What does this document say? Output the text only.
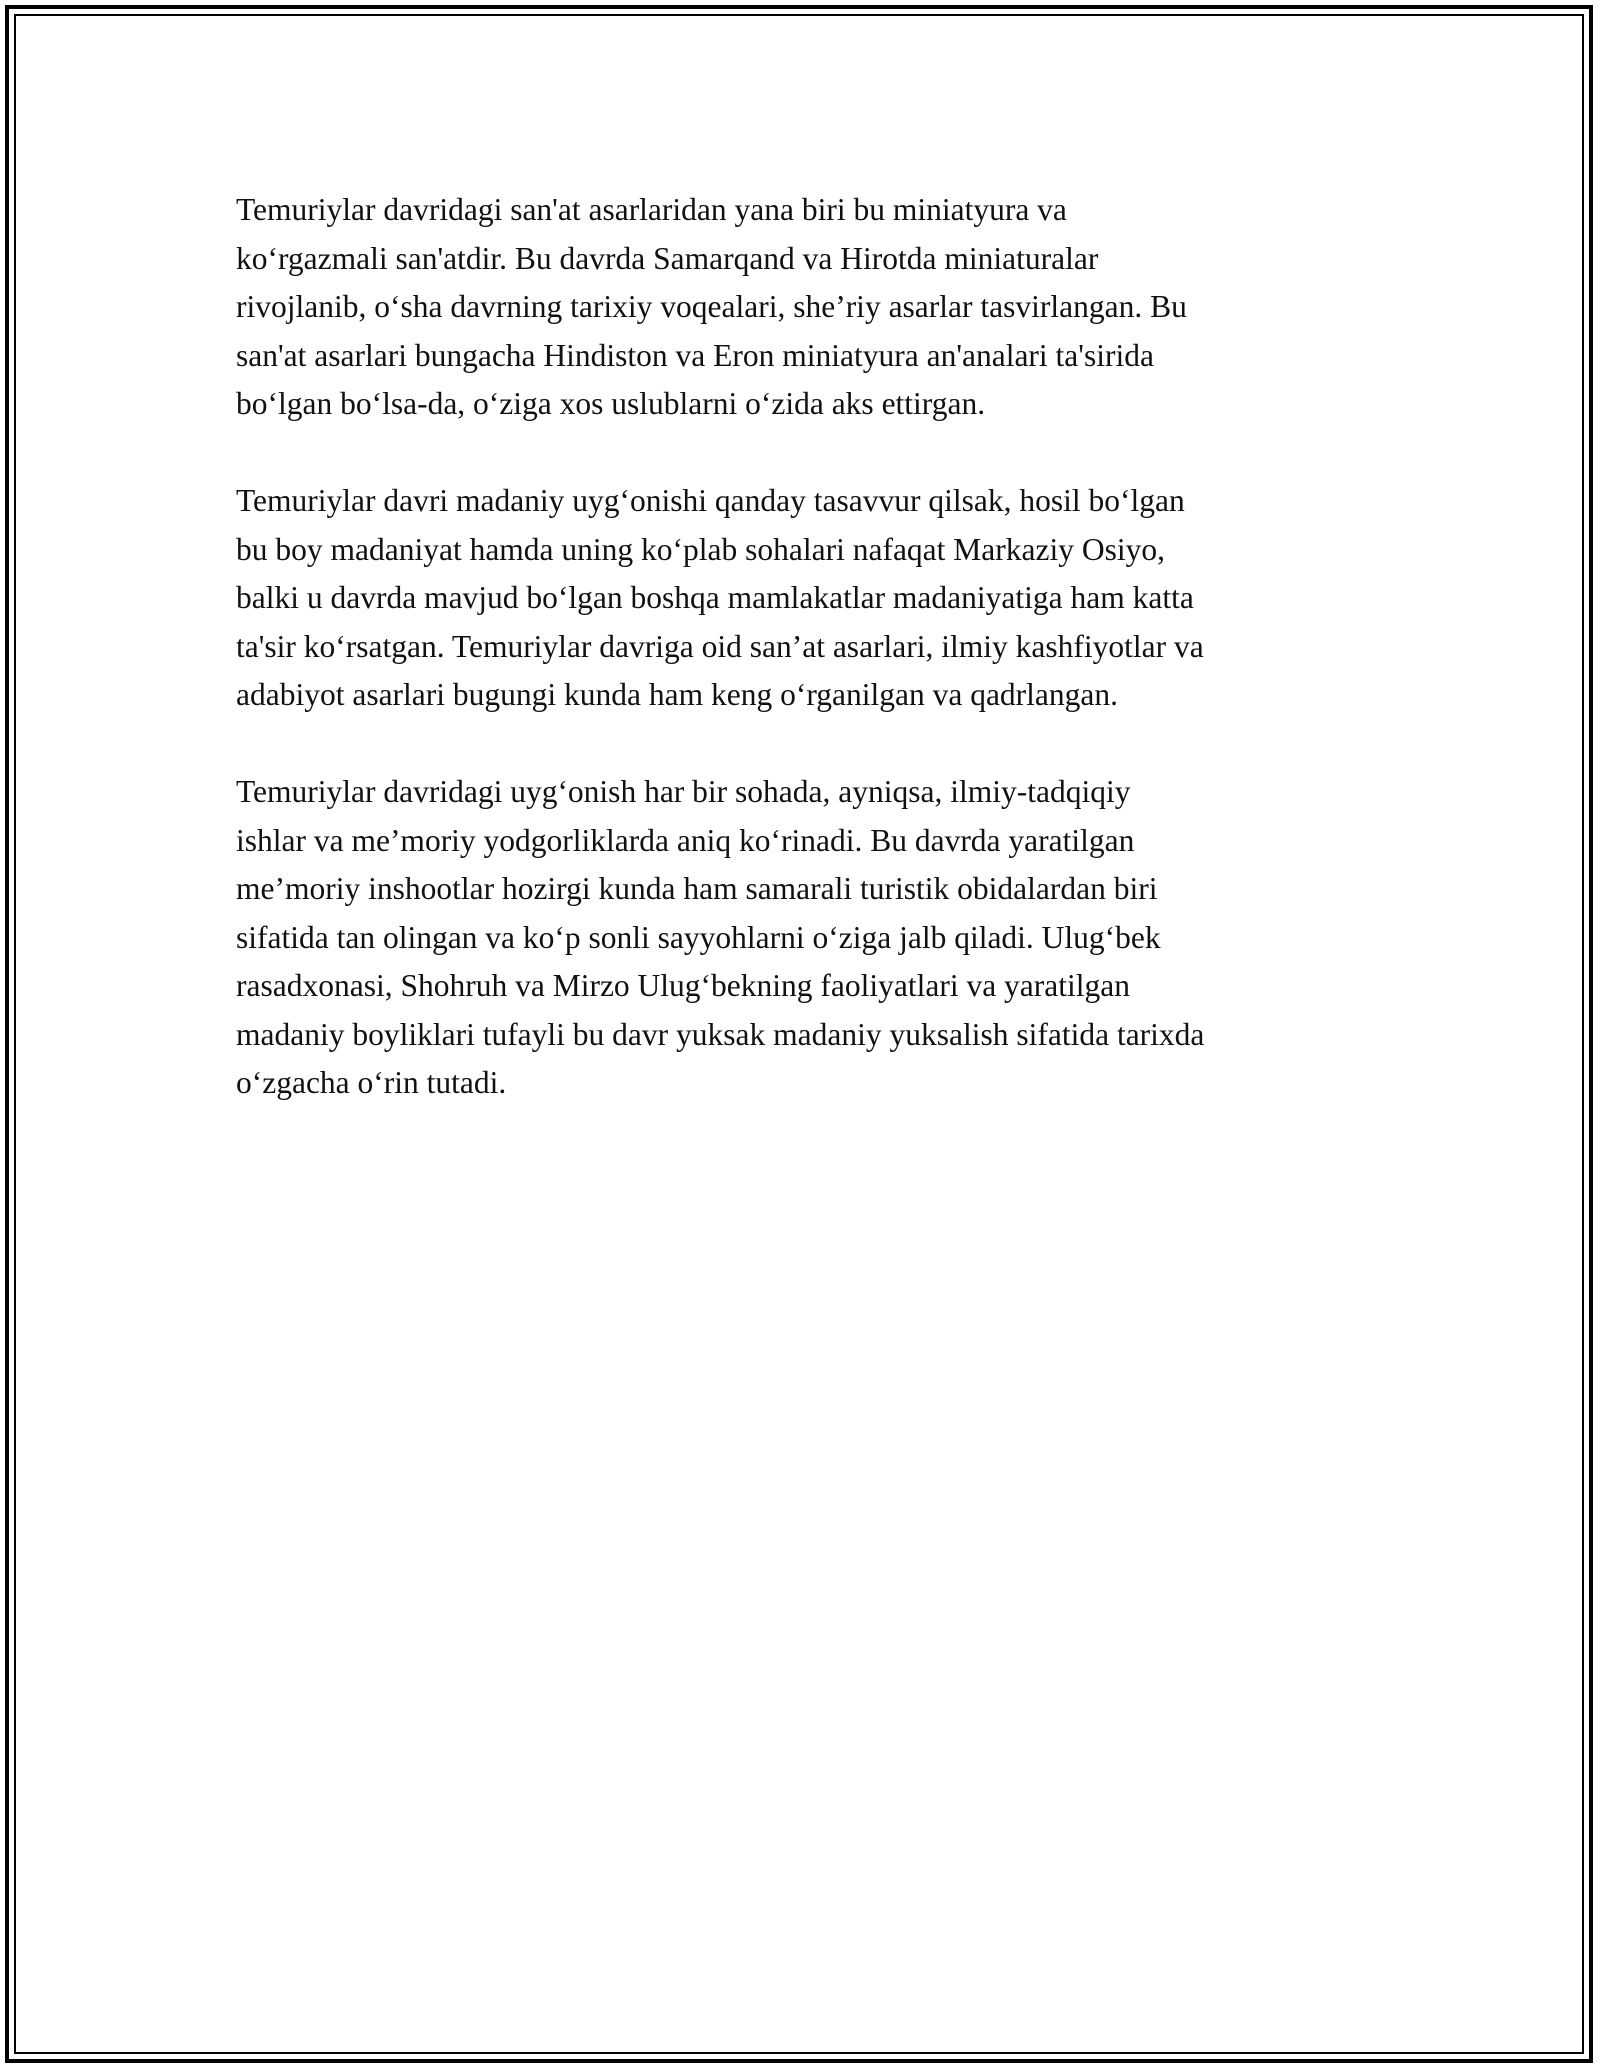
Temuriylar davridagi san'at asarlaridan yana biri bu miniatyura va
ko‘rgazmali san'atdir. Bu davrda Samarqand va Hirotda miniaturalar
rivojlanib, o‘sha davrning tarixiy voqealari, she’riy asarlar tasvirlangan. Bu
san'at asarlari bungacha Hindiston va Eron miniatyura an'analari ta'sirida
bo‘lgan bo‘lsa-da, o‘ziga xos uslublarni o‘zida aks ettirgan.

Temuriylar davri madaniy uyg‘onishi qanday tasavvur qilsak, hosil bo‘lgan
bu boy madaniyat hamda uning ko‘plab sohalari nafaqat Markaziy Osiyo,
balki u davrda mavjud bo‘lgan boshqa mamlakatlar madaniyatiga ham katta
ta'sir ko‘rsatgan. Temuriylar davriga oid san’at asarlari, ilmiy kashfiyotlar va
adabiyot asarlari bugungi kunda ham keng o‘rganilgan va qadrlangan.

Temuriylar davridagi uyg‘onish har bir sohada, ayniqsa, ilmiy-tadqiqiy
ishlar va me’moriy yodgorliklarda aniq ko‘rinadi. Bu davrda yaratilgan
me’moriy inshootlar hozirgi kunda ham samarali turistik obidalardan biri
sifatida tan olingan va ko‘p sonli sayyohlarni o‘ziga jalb qiladi. Ulug‘bek
rasadxonasi, Shohruh va Mirzo Ulug‘bekning faoliyatlari va yaratilgan
madaniy boyliklari tufayli bu davr yuksak madaniy yuksalish sifatida tarixda
o‘zgacha o‘rin tutadi.
